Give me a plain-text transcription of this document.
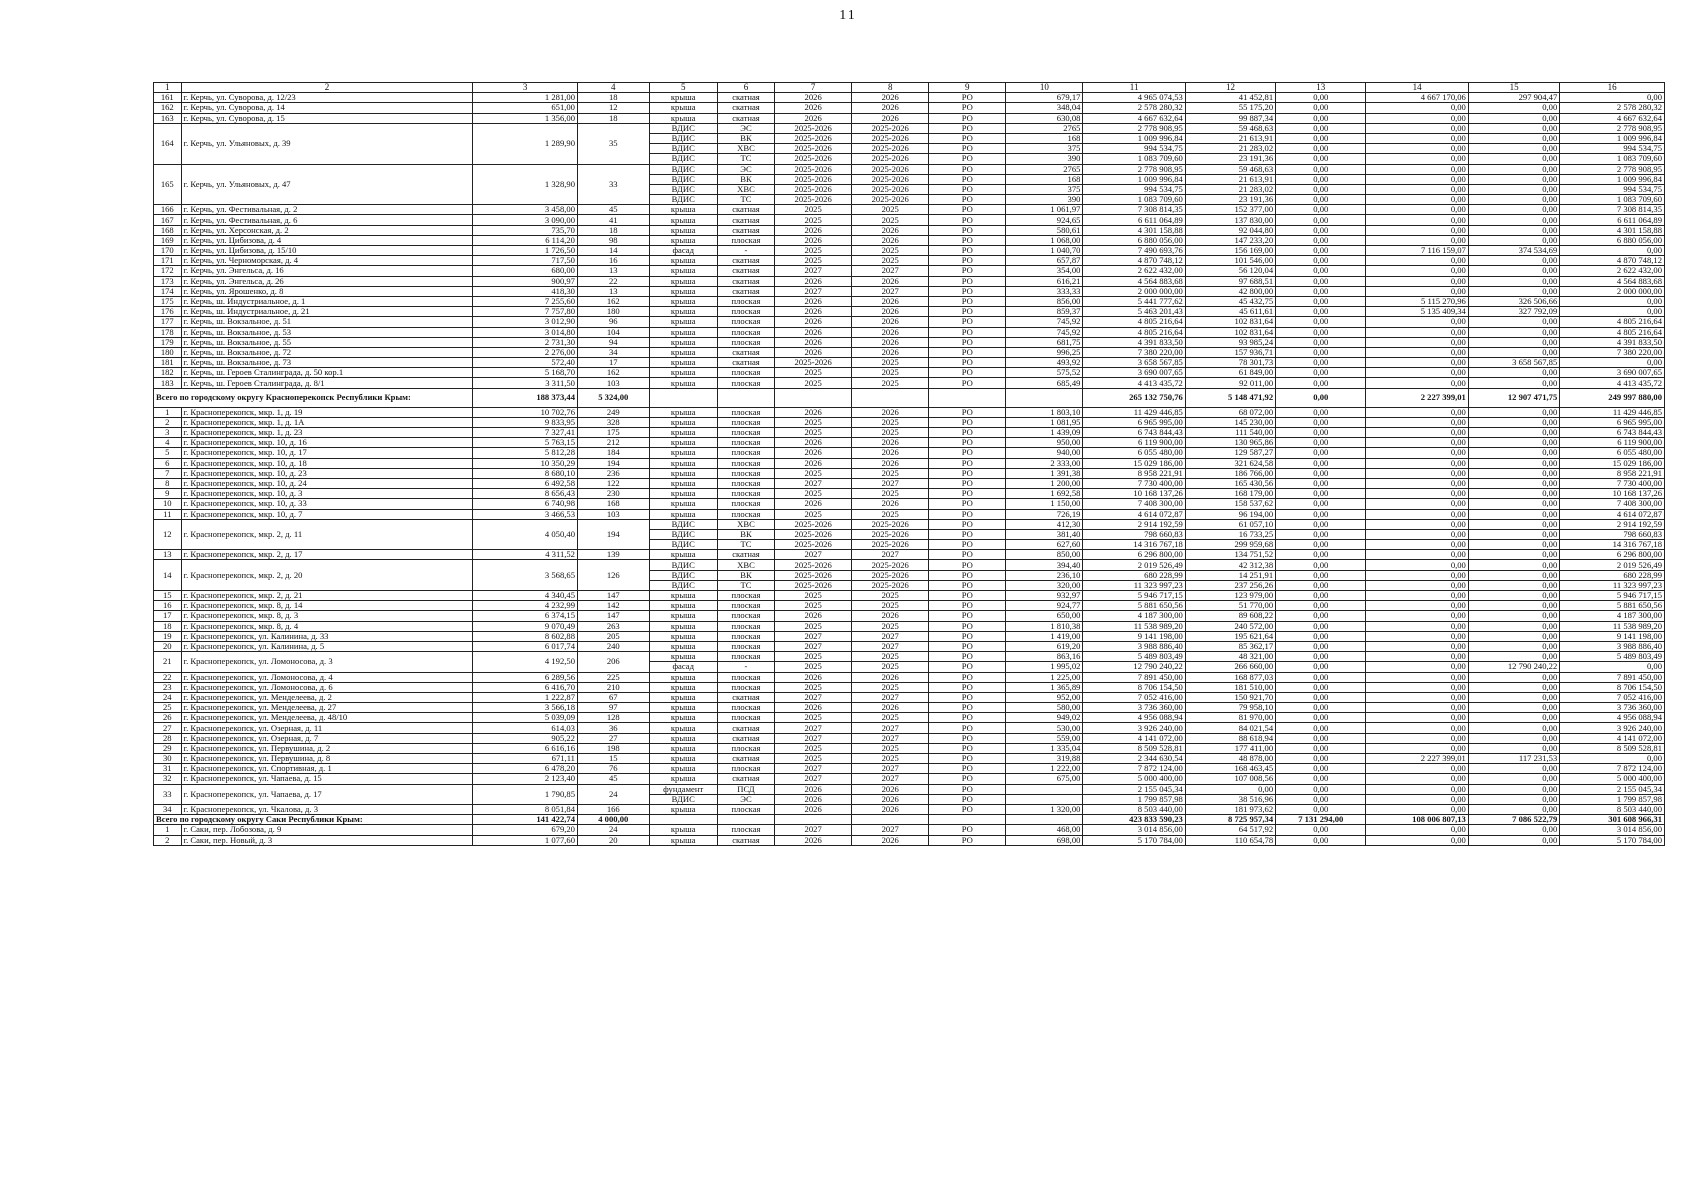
11
1	2	3	4	5	6	7	8	9	10	11	12	13	14	15	16
161	г. Керчь, ул. Суворова, д. 12/23	1 281,00	18	крыша	скатная	2026	2026	РО	679,17	4 965 074,53	41 452,81	0,00	4 667 170,06	297 904,47	0,00
162	г. Керчь, ул. Суворова, д. 14	651,00	12	крыша	скатная	2026	2026	РО	348,04	2 578 280,32	55 175,20	0,00	0,00	0,00	2 578 280,32
163	г. Керчь, ул. Суворова, д. 15	1 356,00	18	крыша	скатная	2026	2026	РО	630,08	4 667 632,64	99 887,34	0,00	0,00	0,00	4 667 632,64
164	г. Керчь, ул. Ульяновых, д. 39	1 289,90	35	ВДИС	ЭС	2025-2026	2025-2026	РО	2765	2 778 908,95	59 468,63	0,00	0,00	0,00	2 778 908,95
				ВДИС	ВК	2025-2026	2025-2026	РО	168	1 009 996,84	21 613,91	0,00	0,00	0,00	1 009 996,84
				ВДИС	ХВС	2025-2026	2025-2026	РО	375	994 534,75	21 283,02	0,00	0,00	0,00	994 534,75
				ВДИС	ТС	2025-2026	2025-2026	РО	390	1 083 709,60	23 191,36	0,00	0,00	0,00	1 083 709,60
165	г. Керчь, ул. Ульяновых, д. 47	1 328,90	33	ВДИС	ЭС	2025-2026	2025-2026	РО	2765	2 778 908,95	59 468,63	0,00	0,00	0,00	2 778 908,95
				ВДИС	ВК	2025-2026	2025-2026	РО	168	1 009 996,84	21 613,91	0,00	0,00	0,00	1 009 996,84
				ВДИС	ХВС	2025-2026	2025-2026	РО	375	994 534,75	21 283,02	0,00	0,00	0,00	994 534,75
				ВДИС	ТС	2025-2026	2025-2026	РО	390	1 083 709,60	23 191,36	0,00	0,00	0,00	1 083 709,60
166	г. Керчь, ул. Фестивальная, д. 2	3 458,00	45	крыша	скатная	2025	2025	РО	1 061,97	7 308 814,35	152 377,00	0,00	0,00	0,00	7 308 814,35
167	г. Керчь, ул. Фестивальная, д. 6	3 090,00	41	крыша	скатная	2025	2025	РО	924,65	6 611 064,89	137 830,00	0,00	0,00	0,00	6 611 064,89
168	г. Керчь, ул. Херсонская, д. 2	735,70	18	крыша	скатная	2026	2026	РО	580,61	4 301 158,88	92 044,80	0,00	0,00	0,00	4 301 158,88
169	г. Керчь, ул. Цибизова, д. 4	6 114,20	98	крыша	плоская	2026	2026	РО	1 068,00	6 880 056,00	147 233,20	0,00	0,00	0,00	6 880 056,00
170	г. Керчь, ул. Цибизова, д. 15/10	1 726,50	14	фасад	-	2025	2025	РО	1 040,70	7 490 693,76	156 169,00	0,00	7 116 159,07	374 534,69	0,00
171	г. Керчь, ул. Черноморская, д. 4	717,50	16	крыша	скатная	2025	2025	РО	657,87	4 870 748,12	101 546,00	0,00	0,00	0,00	4 870 748,12
172	г. Керчь, ул. Энгельса, д. 16	680,00	13	крыша	скатная	2027	2027	РО	354,00	2 622 432,00	56 120,04	0,00	0,00	0,00	2 622 432,00
173	г. Керчь, ул. Энгельса, д. 26	900,97	22	крыша	скатная	2026	2026	РО	616,21	4 564 883,68	97 688,51	0,00	0,00	0,00	4 564 883,68
174	г. Керчь, ул. Ярошенко, д. 8	418,30	13	крыша	скатная	2027	2027	РО	333,33	2 000 000,00	42 800,00	0,00	0,00	0,00	2 000 000,00
175	г. Керчь, ш. Индустриальное, д. 1	7 255,60	162	крыша	плоская	2026	2026	РО	856,00	5 441 777,62	45 432,75	0,00	5 115 270,96	326 506,66	0,00
176	г. Керчь, ш. Индустриальное, д. 21	7 757,80	180	крыша	плоская	2026	2026	РО	859,37	5 463 201,43	45 611,61	0,00	5 135 409,34	327 792,09	0,00
177	г. Керчь, ш. Вокзальное, д. 51	3 012,90	96	крыша	плоская	2026	2026	РО	745,92	4 805 216,64	102 831,64	0,00	0,00	0,00	4 805 216,64
178	г. Керчь, ш. Вокзальное, д. 53	3 014,80	104	крыша	плоская	2026	2026	РО	745,92	4 805 216,64	102 831,64	0,00	0,00	0,00	4 805 216,64
179	г. Керчь, ш. Вокзальное, д. 55	2 731,30	94	крыша	плоская	2026	2026	РО	681,75	4 391 833,50	93 985,24	0,00	0,00	0,00	4 391 833,50
180	г. Керчь, ш. Вокзальное, д. 72	2 276,00	34	крыша	скатная	2026	2026	РО	996,25	7 380 220,00	157 936,71	0,00	0,00	0,00	7 380 220,00
181	г. Керчь, ш. Вокзальное, д. 73	572,40	17	крыша	скатная	2025-2026	2025	РО	493,92	3 658 567,85	78 301,73	0,00	0,00	3 658 567,85	0,00
182	г. Керчь, ш. Героев Сталинграда, д. 50 кор.1	5 168,70	162	крыша	плоская	2025	2025	РО	575,52	3 690 007,65	61 849,00	0,00	0,00	0,00	3 690 007,65
183	г. Керчь, ш. Героев Сталинграда, д. 8/1	3 311,50	103	крыша	плоская	2025	2025	РО	685,49	4 413 435,72	92 011,00	0,00	0,00	0,00	4 413 435,72
Всего по городскому округу Красноперекопск Республики Крым:		188 373,44	5 324,00							265 132 750,76	5 148 471,92	0,00	2 227 399,01	12 907 471,75	249 997 880,00
1	г. Красноперекопск, мкр. 1, д. 19	10 702,76	249	крыша	плоская	2026	2026	РО	1 803,10	11 429 446,85	68 072,00	0,00	0,00	0,00	11 429 446,85
2	г. Красноперекопск, мкр. 1, д. 1А	9 833,95	328	крыша	плоская	2025	2025	РО	1 081,95	6 965 995,00	145 230,00	0,00	0,00	0,00	6 965 995,00
3	г. Красноперекопск, мкр. 1, д. 23	7 327,41	175	крыша	плоская	2025	2025	РО	1 439,09	6 743 844,43	111 540,00	0,00	0,00	0,00	6 743 844,43
4	г. Красноперекопск, мкр. 10, д. 16	5 763,15	212	крыша	плоская	2026	2026	РО	950,00	6 119 900,00	130 965,86	0,00	0,00	0,00	6 119 900,00
5	г. Красноперекопск, мкр. 10, д. 17	5 812,28	184	крыша	плоская	2026	2026	РО	940,00	6 055 480,00	129 587,27	0,00	0,00	0,00	6 055 480,00
6	г. Красноперекопск, мкр. 10, д. 18	10 350,29	194	крыша	плоская	2026	2026	РО	2 333,00	15 029 186,00	321 624,58	0,00	0,00	0,00	15 029 186,00
7	г. Красноперекопск, мкр. 10, д. 23	8 680,10	236	крыша	плоская	2025	2025	РО	1 391,38	8 958 221,91	186 766,00	0,00	0,00	0,00	8 958 221,91
8	г. Красноперекопск, мкр. 10, д. 24	6 492,58	122	крыша	плоская	2027	2027	РО	1 200,00	7 730 400,00	165 430,56	0,00	0,00	0,00	7 730 400,00
9	г. Красноперекопск, мкр. 10, д. 3	8 656,43	230	крыша	плоская	2025	2025	РО	1 692,58	10 168 137,26	168 179,00	0,00	0,00	0,00	10 168 137,26
10	г. Красноперекопск, мкр. 10, д. 33	6 740,98	168	крыша	плоская	2026	2026	РО	1 150,00	7 408 300,00	158 537,62	0,00	0,00	0,00	7 408 300,00
11	г. Красноперекопск, мкр. 10, д. 7	3 466,53	103	крыша	плоская	2025	2025	РО	726,19	4 614 072,87	96 194,00	0,00	0,00	0,00	4 614 072,87
12	г. Красноперекопск, мкр. 2, д. 11	4 050,40	194	ВДИС	ХВС	2025-2026	2025-2026	РО	412,30	2 914 192,59	61 057,10	0,00	0,00	0,00	2 914 192,59
				ВДИС	ВК	2025-2026	2025-2026	РО	381,40	798 660,83	16 733,25	0,00	0,00	0,00	798 660,83
				ВДИС	ТС	2025-2026	2025-2026	РО	627,60	14 316 767,18	299 959,68	0,00	0,00	0,00	14 316 767,18
13	г. Красноперекопск, мкр. 2, д. 17	4 311,52	139	крыша	скатная	2027	2027	РО	850,00	6 296 800,00	134 751,52	0,00	0,00	0,00	6 296 800,00
14	г. Красноперекопск, мкр. 2, д. 20	3 568,65	126	ВДИС	ХВС	2025-2026	2025-2026	РО	394,40	2 019 526,49	42 312,38	0,00	0,00	0,00	2 019 526,49
				ВДИС	ВК	2025-2026	2025-2026	РО	236,10	680 228,99	14 251,91	0,00	0,00	0,00	680 228,99
				ВДИС	ТС	2025-2026	2025-2026	РО	320,00	11 323 997,23	237 256,26	0,00	0,00	0,00	11 323 997,23
15	г. Красноперекопск, мкр. 2, д. 21	4 340,45	147	крыша	плоская	2025	2025	РО	932,97	5 946 717,15	123 979,00	0,00	0,00	0,00	5 946 717,15
16	г. Красноперекопск, мкр. 8, д. 14	4 232,99	142	крыша	плоская	2025	2025	РО	924,77	5 881 650,56	51 770,00	0,00	0,00	0,00	5 881 650,56
17	г. Красноперекопск, мкр. 8, д. 3	6 374,15	147	крыша	плоская	2026	2026	РО	650,00	4 187 300,00	89 608,22	0,00	0,00	0,00	4 187 300,00
18	г. Красноперекопск, мкр. 8, д. 4	9 070,49	263	крыша	плоская	2025	2025	РО	1 810,38	11 538 989,20	240 572,00	0,00	0,00	0,00	11 538 989,20
19	г. Красноперекопск, ул. Калинина, д. 33	8 602,88	205	крыша	плоская	2027	2027	РО	1 419,00	9 141 198,00	195 621,64	0,00	0,00	0,00	9 141 198,00
20	г. Красноперекопск, ул. Калинина, д. 5	6 017,74	240	крыша	плоская	2027	2027	РО	619,20	3 988 886,40	85 362,17	0,00	0,00	0,00	3 988 886,40
21	г. Красноперекопск, ул. Ломоносова, д. 3	4 192,50	206	крыша	плоская	2025	2025	РО	863,16	5 489 803,49	48 321,00	0,00	0,00	0,00	5 489 803,49
				фасад	-	2025	2025	РО	1 995,02	12 790 240,22	266 660,00	0,00	0,00	12 790 240,22	0,00
22	г. Красноперекопск, ул. Ломоносова, д. 4	6 289,56	225	крыша	плоская	2026	2026	РО	1 225,00	7 891 450,00	168 877,03	0,00	0,00	0,00	7 891 450,00
23	г. Красноперекопск, ул. Ломоносова, д. 6	6 416,70	210	крыша	плоская	2025	2025	РО	1 365,89	8 706 154,50	181 510,00	0,00	0,00	0,00	8 706 154,50
24	г. Красноперекопск, ул. Менделеева, д. 2	1 222,87	67	крыша	скатная	2027	2027	РО	952,00	7 052 416,00	150 921,70	0,00	0,00	0,00	7 052 416,00
25	г. Красноперекопск, ул. Менделеева, д. 27	3 566,18	97	крыша	плоская	2026	2026	РО	580,00	3 736 360,00	79 958,10	0,00	0,00	0,00	3 736 360,00
26	г. Красноперекопск, ул. Менделеева, д. 48/10	5 039,09	128	крыша	плоская	2025	2025	РО	949,02	4 956 088,94	81 970,00	0,00	0,00	0,00	4 956 088,94
27	г. Красноперекопск, ул. Озерная, д. 11	614,03	36	крыша	скатная	2027	2027	РО	530,00	3 926 240,00	84 021,54	0,00	0,00	0,00	3 926 240,00
28	г. Красноперекопск, ул. Озерная, д. 7	905,22	27	крыша	скатная	2027	2027	РО	559,00	4 141 072,00	88 618,94	0,00	0,00	0,00	4 141 072,00
29	г. Красноперекопск, ул. Первушина, д. 2	6 616,16	198	крыша	плоская	2025	2025	РО	1 335,04	8 509 528,81	177 411,00	0,00	0,00	0,00	8 509 528,81
30	г. Красноперекопск, ул. Первушина, д. 8	671,11	15	крыша	скатная	2025	2025	РО	319,88	2 344 630,54	48 878,00	0,00	2 227 399,01	117 231,53	0,00
31	г. Красноперекопск, ул. Спортивная, д. 1	6 478,20	76	крыша	плоская	2027	2027	РО	1 222,00	7 872 124,00	168 463,45	0,00	0,00	0,00	7 872 124,00
32	г. Красноперекопск, ул. Чапаева, д. 15	2 123,40	45	крыша	скатная	2027	2027	РО	675,00	5 000 400,00	107 008,56	0,00	0,00	0,00	5 000 400,00
33	г. Красноперекопск, ул. Чапаева, д. 17	1 790,85	24	фундамент	ПСД	2026	2026	РО		2 155 045,34	0,00	0,00	0,00	0,00	2 155 045,34
				ВДИС	ЭС	2026	2026	РО		1 799 857,98	38 516,96	0,00	0,00	0,00	1 799 857,98
34	г. Красноперекопск, ул. Чкалова, д. 3	8 051,84	166	крыша	плоская	2026	2026	РО	1 320,00	8 503 440,00	181 973,62	0,00	0,00	0,00	8 503 440,00
Всего по городскому округу Саки Республики Крым:		141 422,74	4 000,00							423 833 590,23	8 725 957,34	7 131 294,00	108 006 807,13	7 086 522,79	301 608 966,31
1	г. Саки, пер. Лобозова, д. 9	679,20	24	крыша	плоская	2027	2027	РО	468,00	3 014 856,00	64 517,92	0,00	0,00	0,00	3 014 856,00
2	г. Саки, пер. Новый, д. 3	1 077,60	20	крыша	скатная	2026	2026	РО	698,00	5 170 784,00	110 654,78	0,00	0,00	0,00	5 170 784,00
